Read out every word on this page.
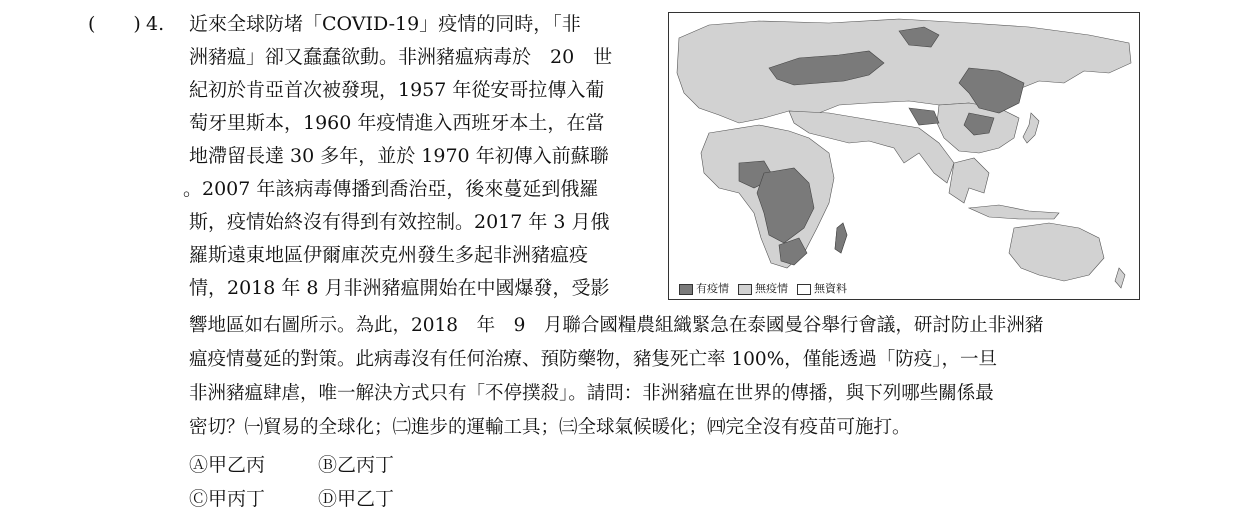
(　　) 4. 近來全球防堵「COVID-19」疫情的同時，「非
洲豬瘟」卻又蠢蠢欲動。非洲豬瘟病毒於　20　世
紀初於肯亞首次被發現，1957 年從安哥拉傳入葡
萄牙里斯本，1960 年疫情進入西班牙本土，在當
地滯留長達 30 多年，並於 1970 年初傳入前蘇聯
。2007 年該病毒傳播到喬治亞，後來蔓延到俄羅
斯，疫情始終沒有得到有效控制。2017 年 3 月俄
羅斯遠東地區伊爾庫茨克州發生多起非洲豬瘟疫
情，2018 年 8 月非洲豬瘟開始在中國爆發，受影
響地區如右圖所示。為此，2018　年　9　月聯合國糧農組織緊急在泰國曼谷舉行會議，研討防止非洲豬
瘟疫情蔓延的對策。此病毒沒有任何治療、預防藥物，豬隻死亡率 100%，僅能透過「防疫」，一旦
非洲豬瘟肆虐，唯一解決方式只有「不停撲殺」。請問：非洲豬瘟在世界的傳播，與下列哪些關係最
密切？㈠貿易的全球化；㈡進步的運輸工具；㈢全球氣候暖化；㈣完全沒有疫苗可施打。
有疫情	無疫情	無資料
Ⓐ甲乙丙	Ⓑ乙丙丁
Ⓒ甲丙丁	Ⓓ甲乙丁
